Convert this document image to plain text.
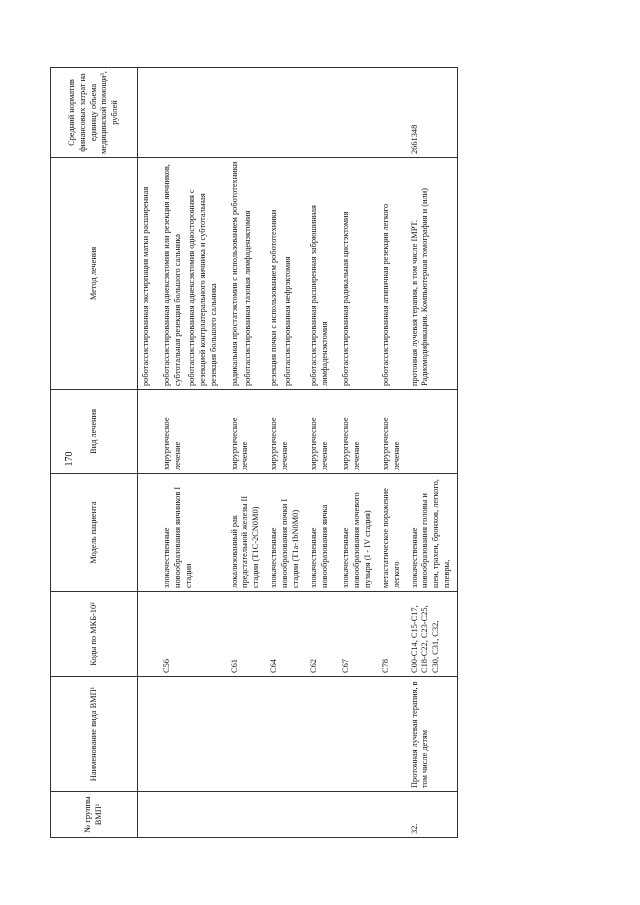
170
№ группы ВМП¹	Наименование вида ВМП¹	Коды по МКБ-10²	Модель пациента	Вид лечения	Метод лечения	Средний норматив финансовых затрат на единицу объема медицинской помощи³, рублей

					роботассистированная экстирпация матки расширенная	

		C56	злокачественные новообразования яичников I стадии	хирургическое лечение	роботассистированная аднексэктомия или резекция яичников, субтотальная резекция большого сальника роботассистированная аднексэктомия односторонняя с резекцией контрлатерального яичника и субтотальная резекция большого сальника	

		C61	локализованный рак предстательной железы II стадии (T1C-2CN0M0)	хирургическое лечение	радикальная простатэктомия с использованием робототехники роботассистированная тазовая лимфаденэктомия	

		C64	злокачественные новообразования почки I стадии (T1a-1bN0M0)	хирургическое лечение	резекция почки с использованием робототехники роботассистированная нефрэктомия	

		C62	злокачественные новообразования яичка	хирургическое лечение	роботассистированная расширенная забрюшинная лимфаденэктомия	

		C67	злокачественные новообразования мочевого пузыря (I - IV стадия)	хирургическое лечение	роботассистированная радикальная цистэктомия	

		C78	метастатическое поражение легкого	хирургическое лечение	роботассистированная атипичная резекция легкого	

32.	Протонная лучевая терапия, в том числе детям	C00-C14, C15-C17, C18-C22, C23-C25, C30, C31, C32,	злокачественные новообразования головы и шеи, трахеи, бронхов, легкого, плевры,		протонная лучевая терапия, в том числе IMPT. Радиомодификация. Компьютерная томография и (или)	2661348
